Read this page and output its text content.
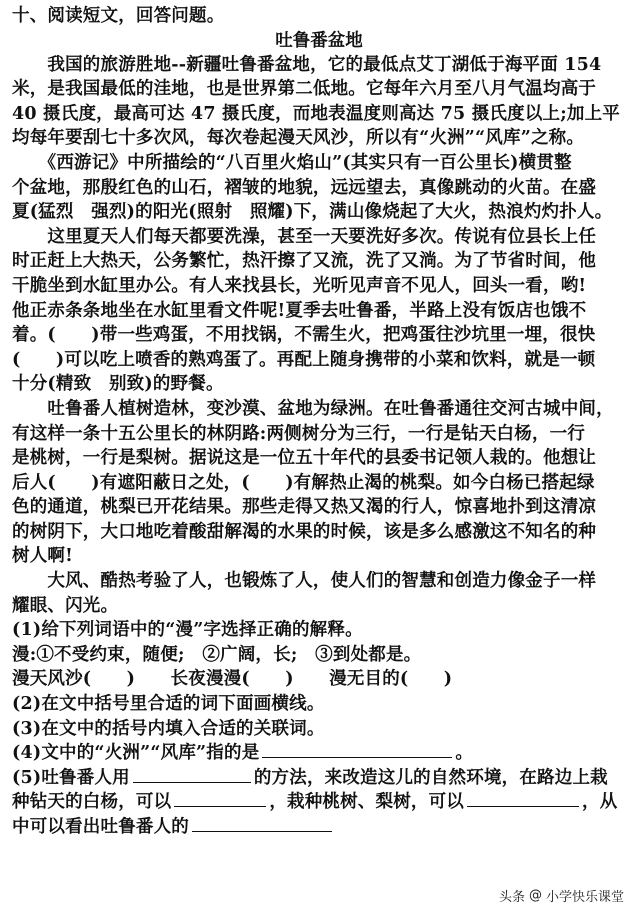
十、阅读短文，回答问题。
吐鲁番盆地
　　我国的旅游胜地--新疆吐鲁番盆地，它的最低点艾丁湖低于海平面 154
米，是我国最低的洼地，也是世界第二低地。它每年六月至八月气温均高于
40 摄氏度，最高可达 47 摄氏度，而地表温度则高达 75 摄氏度以上;加上平
均每年要刮七十多次风，每次卷起漫天风沙，所以有“火洲”“风库”之称。
　　《西游记》中所描绘的“八百里火焰山”(其实只有一百公里长)横贯整
个盆地，那殷红色的山石，褶皱的地貌，远远望去，真像跳动的火苗。在盛
夏(猛烈　强烈)的阳光(照射　照耀)下，满山像烧起了大火，热浪灼灼扑人。
　　这里夏天人们每天都要洗澡，甚至一天要洗好多次。传说有位县长上任
时正赶上大热天，公务繁忙，热汗擦了又流，洗了又淌。为了节省时间，他
干脆坐到水缸里办公。有人来找县长，光听见声音不见人，回头一看，哟!
他正赤条条地坐在水缸里看文件呢!夏季去吐鲁番，半路上没有饭店也饿不
着。(　　)带一些鸡蛋，不用找锅，不需生火，把鸡蛋往沙坑里一埋，很快
(　　)可以吃上喷香的熟鸡蛋了。再配上随身携带的小菜和饮料，就是一顿
十分(精致　别致)的野餐。
　　吐鲁番人植树造林，变沙漠、盆地为绿洲。在吐鲁番通往交河古城中间，
有这样一条十五公里长的林阴路:两侧树分为三行，一行是钻天白杨，一行
是桃树，一行是梨树。据说这是一位五十年代的县委书记领人栽的。他想让
后人(　　)有遮阳蔽日之处，(　　)有解热止渴的桃梨。如今白杨已搭起绿
色的通道，桃梨已开花结果。那些走得又热又渴的行人，惊喜地扑到这清凉
的树阴下，大口地吃着酸甜解渴的水果的时候，该是多么感激这不知名的种
树人啊!
　　大风、酷热考验了人，也锻炼了人，使人们的智慧和创造力像金子一样
耀眼、闪光。
(1)给下列词语中的“漫”字选择正确的解释。
漫:①不受约束，随便;　②广阔，长;　③到处都是。
漫天风沙(　　)　　长夜漫漫(　　)　　漫无目的(　　)
(2)在文中括号里合适的词下面画横线。
(3)在文中的括号内填入合适的关联词。
(4)文中的“火洲”“风库”指的是	。
(5)吐鲁番人用	的方法，来改造这儿的自然环境，在路边上栽
种钻天的白杨，可以	，栽种桃树、梨树，可以	，从
中可以看出吐鲁番人的
头条 @ 小学快乐课堂
